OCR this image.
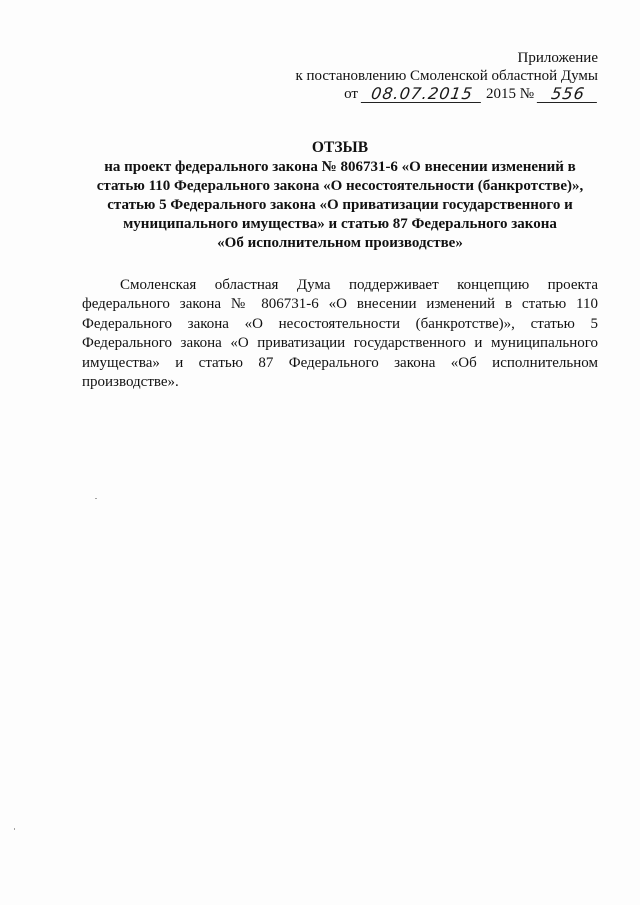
Приложение
к постановлению Смоленской областной Думы
от 08.07.2015 2015 №	556
ОТЗЫВ
на проект федерального закона № 806731-6 «О внесении изменений в
статью 110 Федерального закона «О несостоятельности (банкротстве)»,
статью 5 Федерального закона «О приватизации государственного и
муниципального имущества» и статью 87 Федерального закона
«Об исполнительном производстве»
Смоленская областная Дума поддерживает концепцию проекта
федерального закона № 806731-6 «О внесении изменений в статью 110
Федерального закона «О несостоятельности (банкротстве)», статью 5
Федерального закона «О приватизации государственного и муниципального
имущества» и статью 87 Федерального закона «Об исполнительном
производстве».
